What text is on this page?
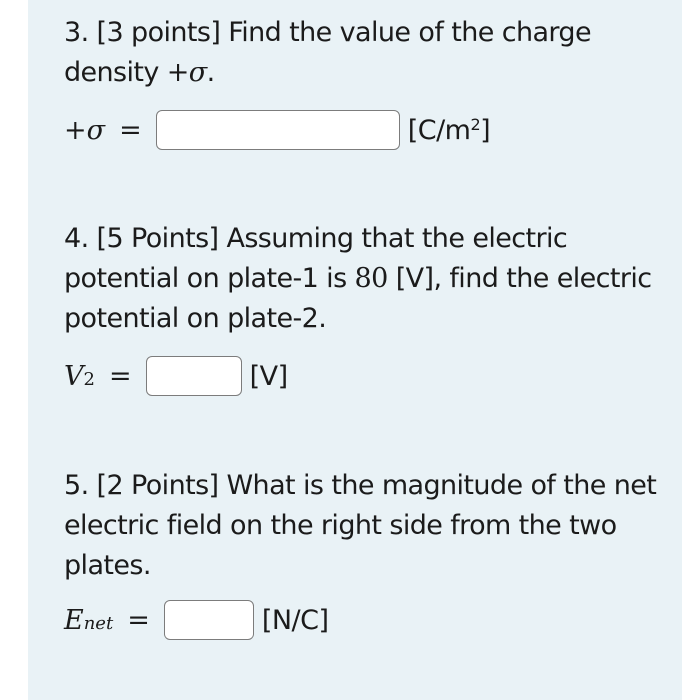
3. [3 points] Find the value of the charge
density +σ.
+σ =	$[C/m^2]$
4. [5 Points] Assuming that the electric
potential on plate-1 is 80 [V], find the electric
potential on plate-2.
V 2 =	[V]
5. [2 Points] What is the magnitude of the net
electric field on the right side from the two
plates.
E net =	[N/C]
